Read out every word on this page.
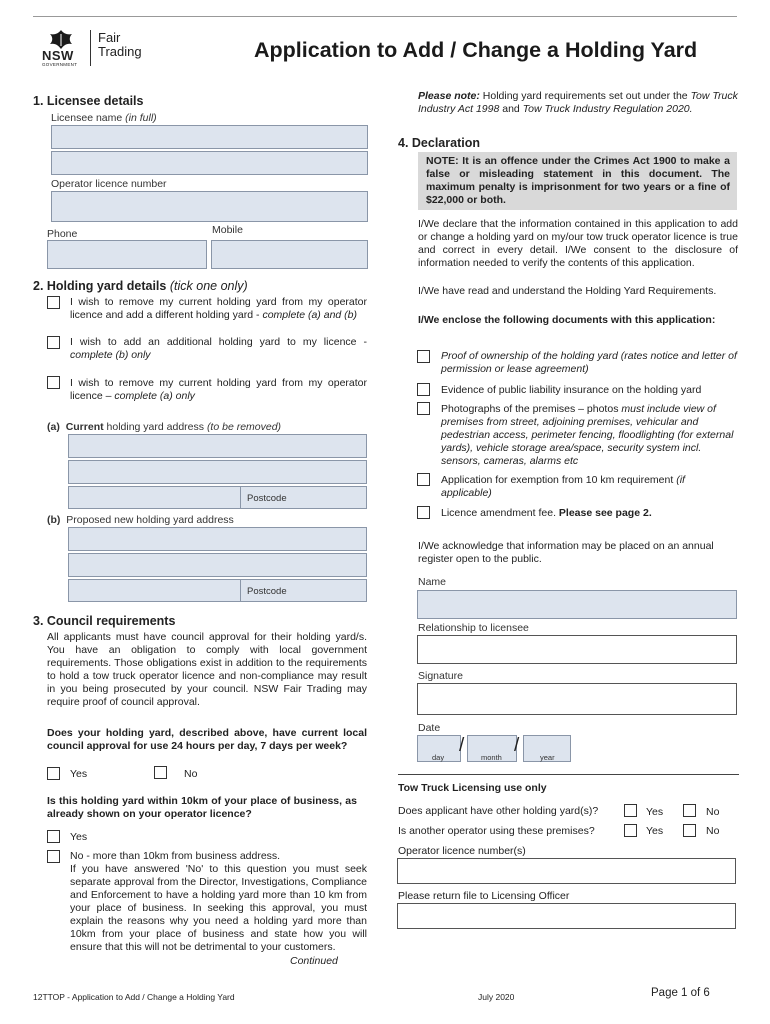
NSW
GOVERNMENT
Fair
Trading	Application to Add / Change a Holding Yard
1. Licensee details
Licensee name (in full)
Operator licence number
Phone	Mobile
2. Holding yard details (tick one only)
I wish to remove my current holding yard from my operator licence and add a different holding yard - complete (a) and (b)
I wish to add an additional holding yard to my licence - complete (b) only
I wish to remove my current holding yard from my operator licence – complete (a) only
(a) Current holding yard address (to be removed)
Postcode
(b) Proposed new holding yard address
Postcode
3. Council requirements
All applicants must have council approval for their holding yard/s. You have an obligation to comply with local government requirements. Those obligations exist in addition to the requirements to hold a tow truck operator licence and non-compliance may result in you being prosecuted by your council. NSW Fair Trading may require proof of council approval.
Does your holding yard, described above, have current local council approval for use 24 hours per day, 7 days per week?
Yes	No
Is this holding yard within 10km of your place of business, as already shown on your operator licence?
Yes
No - more than 10km from business address.
If you have answered 'No' to this question you must seek separate approval from the Director, Investigations, Compliance and Enforcement to have a holding yard more than 10 km from your place of business. In seeking this approval, you must explain the reasons why you need a holding yard more than 10km from your place of business and state how you will ensure that this will not be detrimental to your customers.
Continued
Please note: Holding yard requirements set out under the Tow Truck Industry Act 1998 and Tow Truck Industry Regulation 2020.
4. Declaration
NOTE: It is an offence under the Crimes Act 1900 to make a false or misleading statement in this document. The maximum penalty is imprisonment for two years or a fine of $22,000 or both.
I/We declare that the information contained in this application to add or change a holding yard on my/our tow truck operator licence is true and correct in every detail. I/We consent to the disclosure of information needed to verify the contents of this application.
I/We have read and understand the Holding Yard Requirements.
I/We enclose the following documents with this application:
Proof of ownership of the holding yard (rates notice and letter of permission or lease agreement)
Evidence of public liability insurance on the holding yard
Photographs of the premises – photos must include view of premises from street, adjoining premises, vehicular and pedestrian access, perimeter fencing, floodlighting (for external yards), vehicle storage area/space, security system incl. sensors, cameras, alarms etc
Application for exemption from 10 km requirement (if applicable)
Licence amendment fee. Please see page 2.
I/We acknowledge that information may be placed on an annual register open to the public.
Name
Relationship to licensee
Signature
Date
/	/
day	month	year
Tow Truck Licensing use only
Does applicant have other holding yard(s)?	Yes	No
Is another operator using these premises?	Yes	No
Operator licence number(s)
Please return file to Licensing Officer
12TTOP - Application to Add / Change a Holding Yard	July 2020	Page 1 of 6
